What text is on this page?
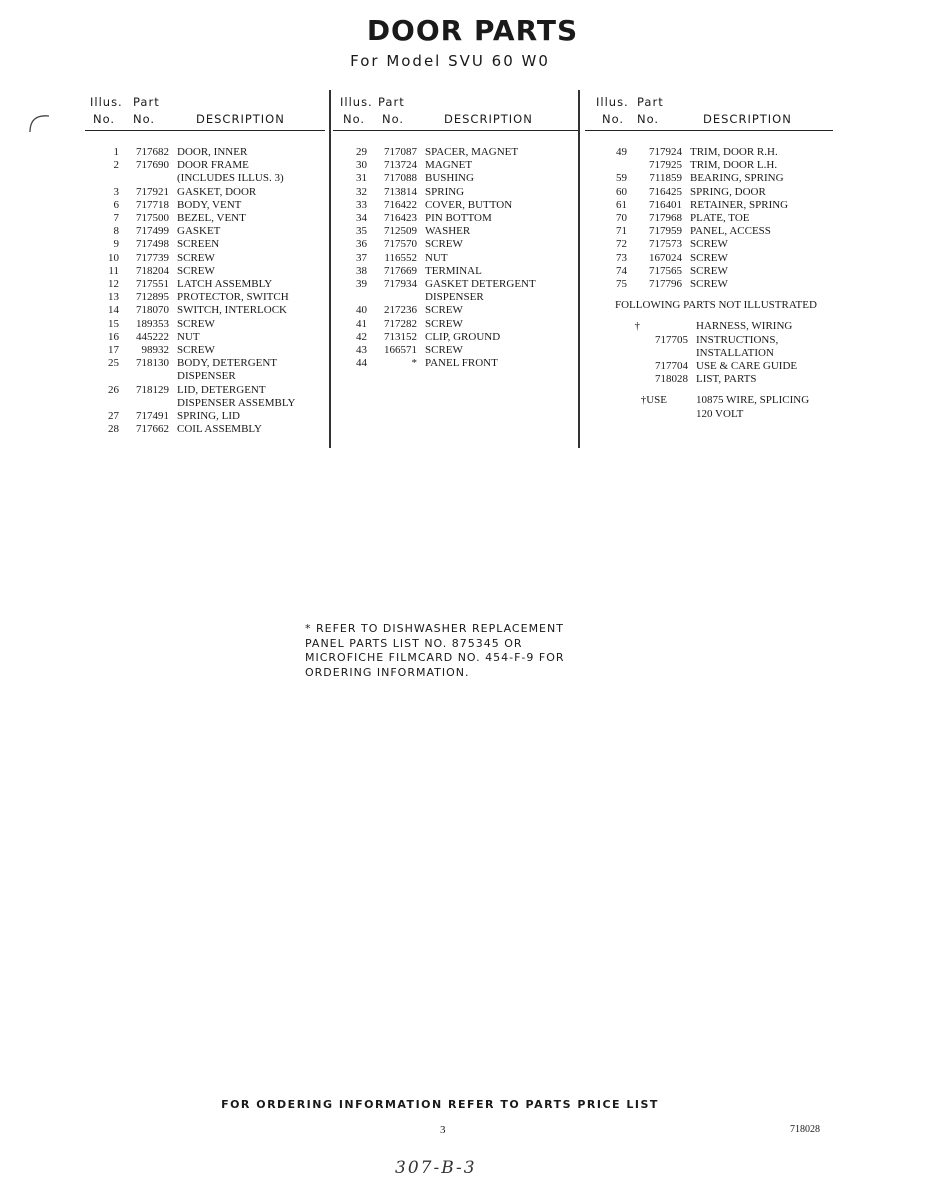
DOOR PARTS
For Model SVU 60 W0
Illus. Part
No. No.	DESCRIPTION
1	717682 DOOR, INNER
2	717690 DOOR FRAME
(INCLUDES ILLUS. 3)
3	717921 GASKET, DOOR
6	717718 BODY, VENT
7	717500 BEZEL, VENT
8	717499 GASKET
9	717498 SCREEN
10	717739 SCREW
11	718204 SCREW
12	717551 LATCH ASSEMBLY
13	712895 PROTECTOR, SWITCH
14	718070 SWITCH, INTERLOCK
15	189353 SCREW
16	445222 NUT
17	98932 SCREW
25	718130 BODY, DETERGENT
DISPENSER
26	718129 LID, DETERGENT
DISPENSER ASSEMBLY
27	717491 SPRING, LID
28	717662 COIL ASSEMBLY
Illus. Part
No. No.	DESCRIPTION
29	717087 SPACER, MAGNET
30	713724 MAGNET
31	717088 BUSHING
32	713814 SPRING
33	716422 COVER, BUTTON
34	716423 PIN BOTTOM
35	712509 WASHER
36	717570 SCREW
37	116552 NUT
38	717669 TERMINAL
39	717934 GASKET DETERGENT
DISPENSER
40	217236 SCREW
41	717282 SCREW
42	713152 CLIP, GROUND
43	166571 SCREW
44	* PANEL FRONT
Illus. Part
No. No.	DESCRIPTION
49	717924 TRIM, DOOR R.H.
717925 TRIM, DOOR L.H.
59	711859 BEARING, SPRING
60	716425 SPRING, DOOR
61	716401 RETAINER, SPRING
70	717968 PLATE, TOE
71	717959 PANEL, ACCESS
72	717573 SCREW
73	167024 SCREW
74	717565 SCREW
75	717796 SCREW
FOLLOWING PARTS NOT ILLUSTRATED
†	HARNESS, WIRING
717705 INSTRUCTIONS,
INSTALLATION
717704 USE & CARE GUIDE
718028 LIST, PARTS
†USE	10875 WIRE, SPLICING
120 VOLT
* REFER TO DISHWASHER REPLACEMENT
PANEL PARTS LIST NO. 875345 OR
MICROFICHE FILMCARD NO. 454-F-9 FOR
ORDERING INFORMATION.
FOR ORDERING INFORMATION REFER TO PARTS PRICE LIST
3	718028
307-B-3
